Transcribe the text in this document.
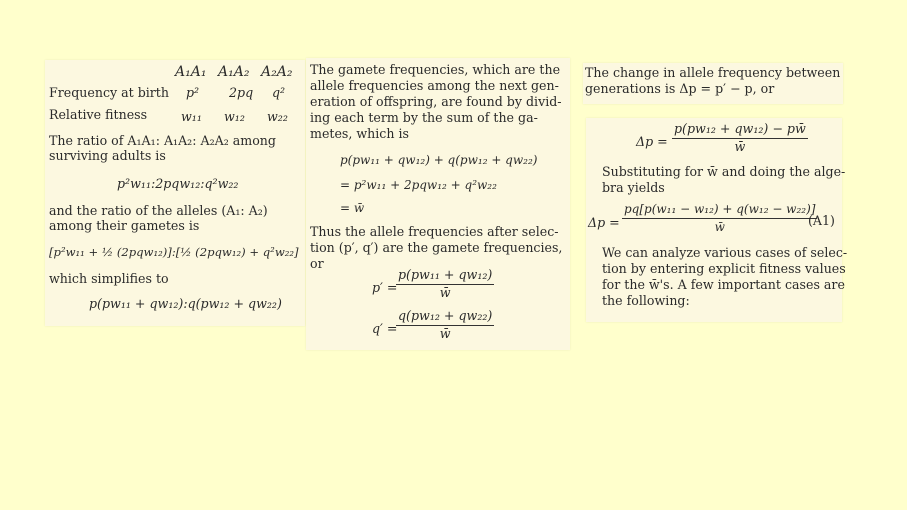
A₁A₁ A₁A₂ A₂A₂
Frequency at birth p² 2pq q²
Relative fitness	w₁₁ w₁₂ w₂₂
The ratio of A₁A₁: A₁A₂: A₂A₂ among
surviving adults is
p²w₁₁:2pqw₁₂:q²w₂₂
and the ratio of the alleles (A₁: A₂)
among their gametes is
[p²w₁₁ + ½ (2pqw₁₂)]:[½ (2pqw₁₂) + q²w₂₂]
which simplifies to
p(pw₁₁ + qw₁₂):q(pw₁₂ + qw₂₂)
The gamete frequencies, which are the
allele frequencies among the next gen-
eration of offspring, are found by divid-
ing each term by the sum of the ga-
metes, which is
p(pw₁₁ + qw₁₂) + q(pw₁₂ + qw₂₂)
= p²w₁₁ + 2pqw₁₂ + q²w₂₂
= w̄
Thus the allele frequencies after selec-
tion (p′, q′) are the gamete frequencies,
or
p′ =
$\frac{\text{p(pw₁₁ + qw₁₂)}}{w̄}$
q′ =
$\frac{\text{q(pw₁₂ + qw₂₂)}}{w̄}$
The change in allele frequency between
generations is Δp = p′ − p, or
$\Delta p = \frac{\text{p(pw₁₂ + qw₁₂) − pw̄}}{w̄}$
Substituting for w̄ and doing the alge-
bra yields
$\Delta p = \frac{\text{pq[p(w₁₁ − w₁₂) + q(w₁₂ − w₂₂)]}}{w̄}$
(A1)
We can analyze various cases of selec-
tion by entering explicit fitness values
for the w̄'s. A few important cases are
the following:
